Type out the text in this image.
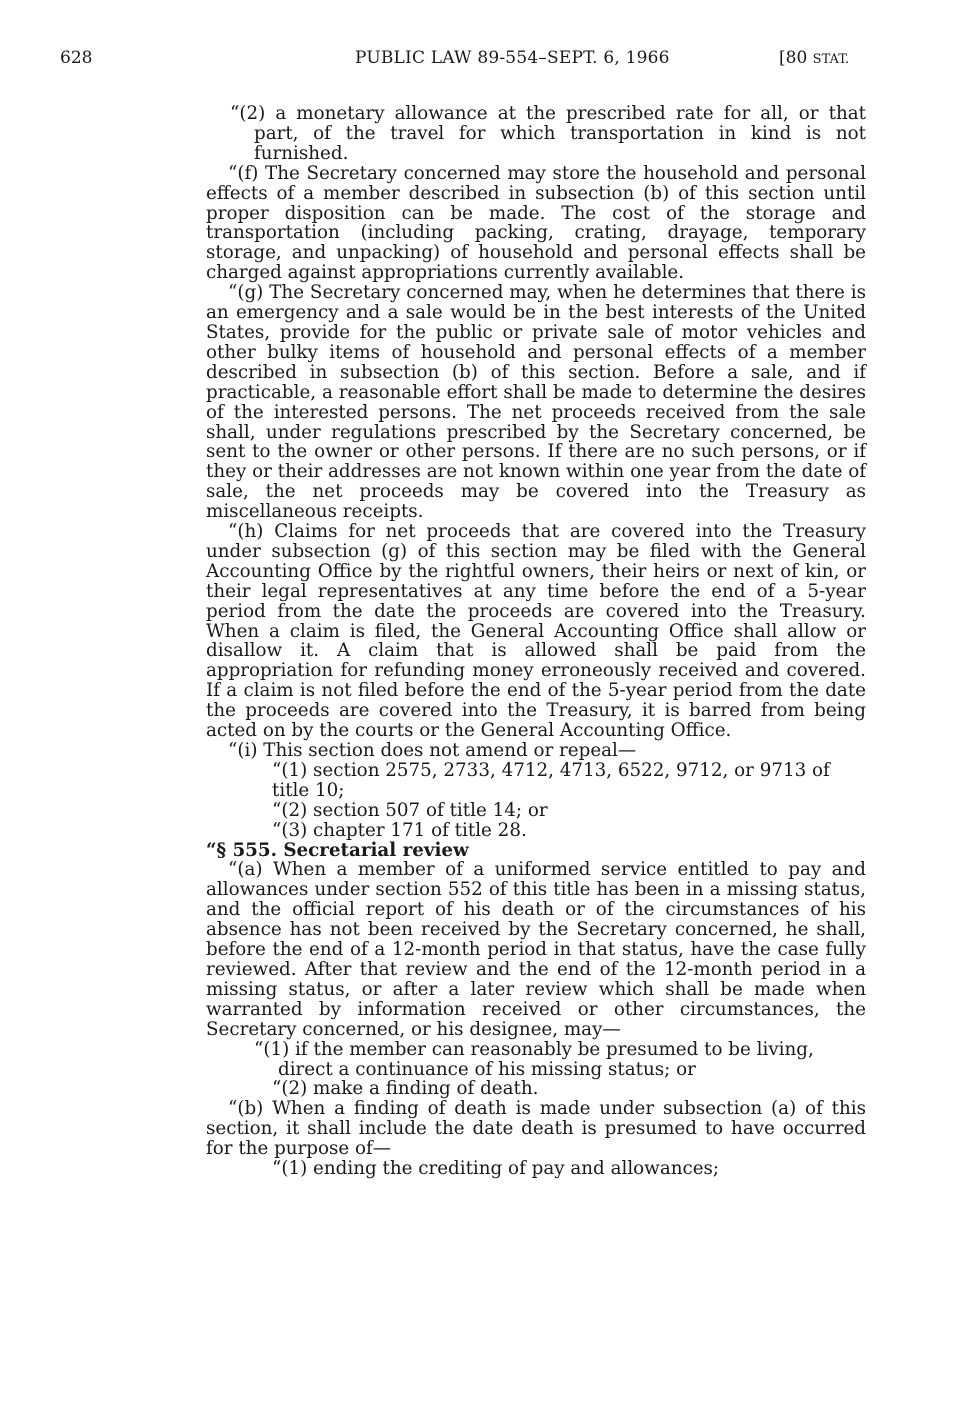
628	PUBLIC LAW 89-554–SEPT. 6, 1966	[80 STAT.

“(2) a monetary allowance at the prescribed rate for all, or that part, of the travel for which transportation in kind is not furnished.

“(f) The Secretary concerned may store the household and personal effects of a member described in subsection (b) of this section until proper disposition can be made. The cost of the storage and transportation (including packing, crating, drayage, temporary storage, and unpacking) of household and personal effects shall be charged against appropriations currently available.

“(g) The Secretary concerned may, when he determines that there is an emergency and a sale would be in the best interests of the United States, provide for the public or private sale of motor vehicles and other bulky items of household and personal effects of a member described in subsection (b) of this section. Before a sale, and if practicable, a reasonable effort shall be made to determine the desires of the interested persons. The net proceeds received from the sale shall, under regulations prescribed by the Secretary concerned, be sent to the owner or other persons. If there are no such persons, or if they or their addresses are not known within one year from the date of sale, the net proceeds may be covered into the Treasury as miscellaneous receipts.

“(h) Claims for net proceeds that are covered into the Treasury under subsection (g) of this section may be filed with the General Accounting Office by the rightful owners, their heirs or next of kin, or their legal representatives at any time before the end of a 5-year period from the date the proceeds are covered into the Treasury. When a claim is filed, the General Accounting Office shall allow or disallow it. A claim that is allowed shall be paid from the appropriation for refunding money erroneously received and covered. If a claim is not filed before the end of the 5-year period from the date the proceeds are covered into the Treasury, it is barred from being acted on by the courts or the General Accounting Office.

“(i) This section does not amend or repeal—

“(1) section 2575, 2733, 4712, 4713, 6522, 9712, or 9713 of title 10;

“(2) section 507 of title 14; or

“(3) chapter 171 of title 28.

“§ 555. Secretarial review

“(a) When a member of a uniformed service entitled to pay and allowances under section 552 of this title has been in a missing status, and the official report of his death or of the circumstances of his absence has not been received by the Secretary concerned, he shall, before the end of a 12-month period in that status, have the case fully reviewed. After that review and the end of the 12-month period in a missing status, or after a later review which shall be made when warranted by information received or other circumstances, the Secretary concerned, or his designee, may—

“(1) if the member can reasonably be presumed to be living, direct a continuance of his missing status; or

“(2) make a finding of death.

“(b) When a finding of death is made under subsection (a) of this section, it shall include the date death is presumed to have occurred for the purpose of—

“(1) ending the crediting of pay and allowances;
